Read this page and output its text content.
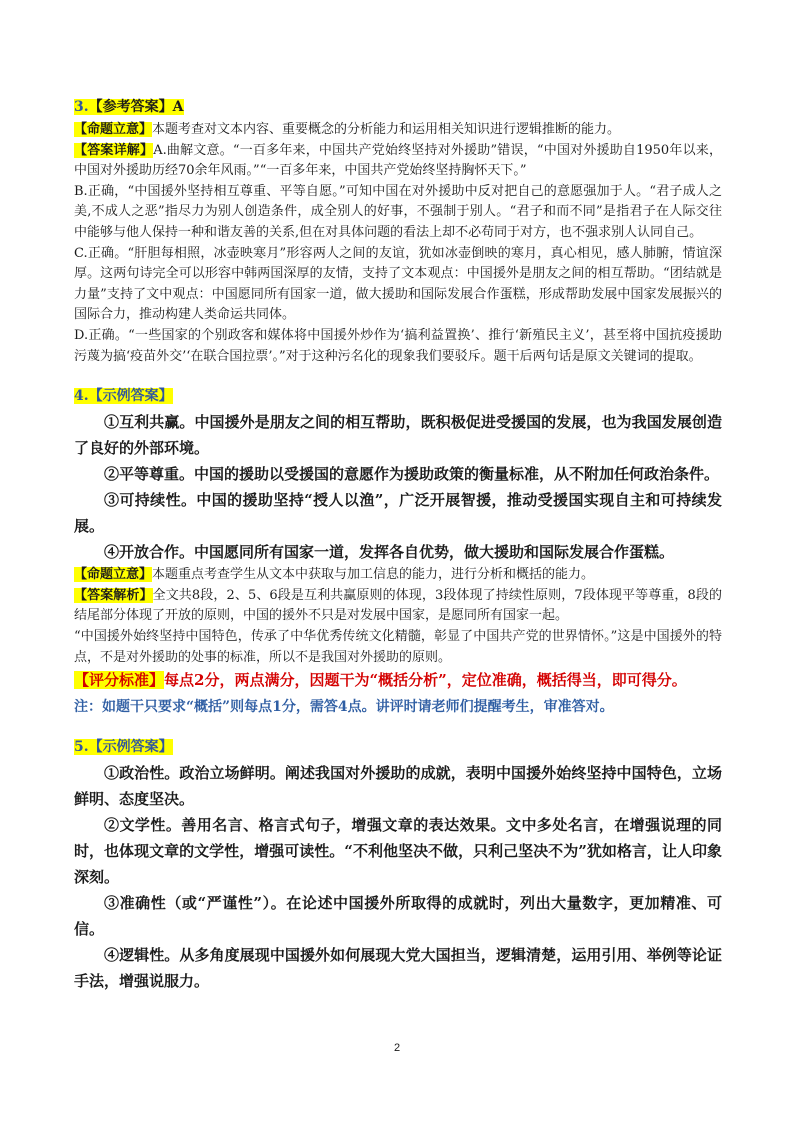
3.【参考答案】A

【命题立意】本题考查对文本内容、重要概念的分析能力和运用相关知识进行逻辑推断的能力。

【答案详解】A.曲解文意。“一百多年来，中国共产党始终坚持对外援助”错误，“中国对外援助自1950年以来，中国对外援助历经70余年风雨。”“一百多年来，中国共产党始终坚持胸怀天下。”

B.正确，“中国援外坚持相互尊重、平等自愿。”可知中国在对外援助中反对把自己的意愿强加于人。“君子成人之美,不成人之恶”指尽力为别人创造条件，成全别人的好事，不强制于别人。“君子和而不同”是指君子在人际交往中能够与他人保持一种和谐友善的关系,但在对具体问题的看法上却不必苟同于对方，也不强求别人认同自己。

C.正确。“肝胆每相照，冰壶映寒月”形容两人之间的友谊，犹如冰壶倒映的寒月，真心相见，感人肺腑，情谊深厚。这两句诗完全可以形容中韩两国深厚的友情，支持了文本观点：中国援外是朋友之间的相互帮助。“团结就是力量”支持了文中观点：中国愿同所有国家一道，做大援助和国际发展合作蛋糕，形成帮助发展中国家发展振兴的国际合力，推动构建人类命运共同体。

D.正确。“一些国家的个别政客和媒体将中国援外炒作为‘搞利益置换’、推行‘新殖民主义’，甚至将中国抗疫援助污蔑为搞‘疫苗外交’‘在联合国拉票’。”对于这种污名化的现象我们要驳斥。题干后两句话是原文关键词的提取。

4.【示例答案】

①互利共赢。中国援外是朋友之间的相互帮助，既积极促进受援国的发展，也为我国发展创造了良好的外部环境。

②平等尊重。中国的援助以受援国的意愿作为援助政策的衡量标准，从不附加任何政治条件。

③可持续性。中国的援助坚持“授人以渔”，广泛开展智援，推动受援国实现自主和可持续发展。

④开放合作。中国愿同所有国家一道，发挥各自优势，做大援助和国际发展合作蛋糕。

【命题立意】本题重点考查学生从文本中获取与加工信息的能力，进行分析和概括的能力。

【答案解析】全文共8段，2、5、6段是互利共赢原则的体现，3段体现了持续性原则，7段体现平等尊重，8段的结尾部分体现了开放的原则，中国的援外不只是对发展中国家，是愿同所有国家一起。

“中国援外始终坚持中国特色，传承了中华优秀传统文化精髓，彰显了中国共产党的世界情怀。”这是中国援外的特点，不是对外援助的处事的标准，所以不是我国对外援助的原则。

【评分标准】每点2分，两点满分，因题干为“概括分析”，定位准确，概括得当，即可得分。

注：如题干只要求“概括”则每点1分，需答4点。讲评时请老师们提醒考生，审准答对。

5.【示例答案】

①政治性。政治立场鲜明。阐述我国对外援助的成就，表明中国援外始终坚持中国特色，立场鲜明、态度坚决。

②文学性。善用名言、格言式句子，增强文章的表达效果。文中多处名言，在增强说理的同时，也体现文章的文学性，增强可读性。“不利他坚决不做，只利己坚决不为”犹如格言，让人印象深刻。

③准确性（或“严谨性”）。在论述中国援外所取得的成就时，列出大量数字，更加精准、可信。

④逻辑性。从多角度展现中国援外如何展现大党大国担当，逻辑清楚，运用引用、举例等论证手法，增强说服力。

2
